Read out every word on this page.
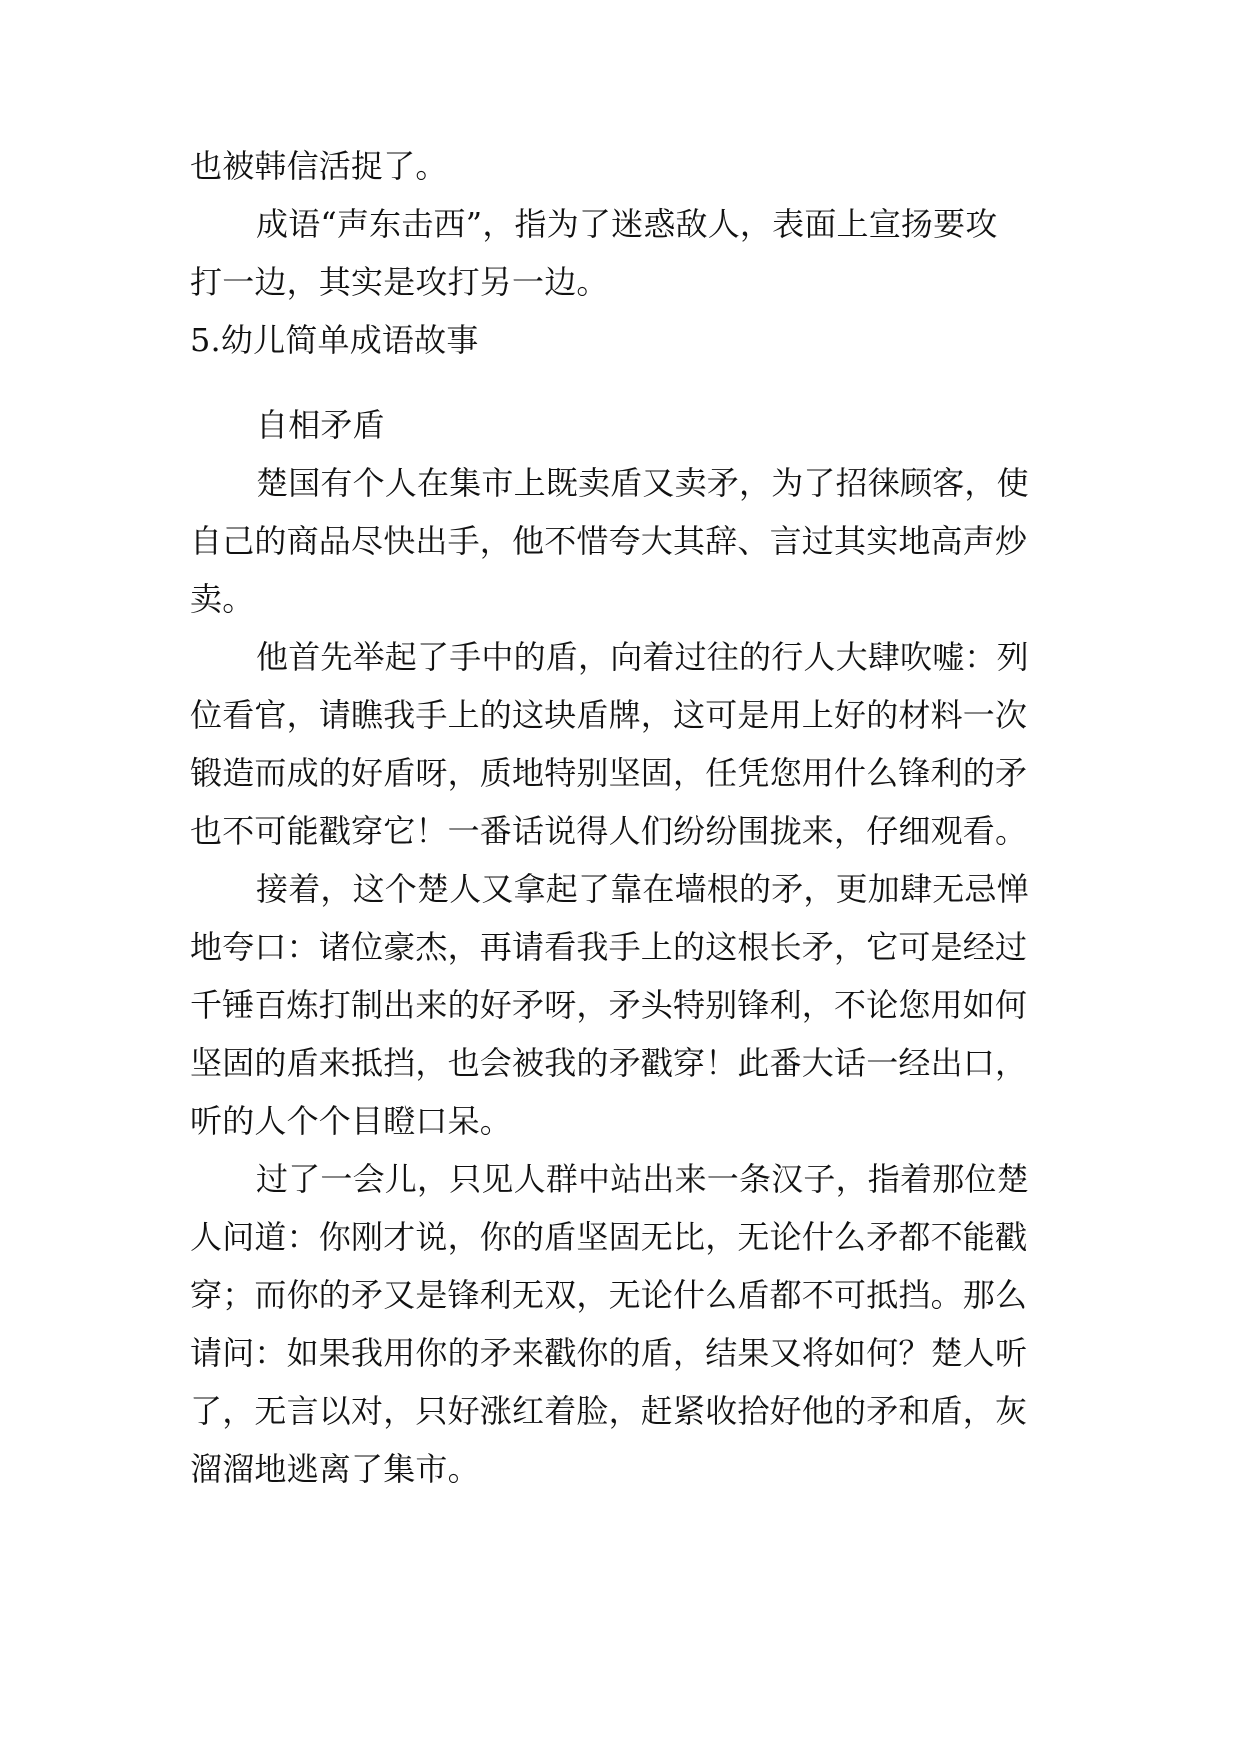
也被韩信活捉了。
成语“声东击西”，指为了迷惑敌人，表面上宣扬要攻
打一边，其实是攻打另一边。
5.幼儿简单成语故事
自相矛盾
楚国有个人在集市上既卖盾又卖矛，为了招徕顾客，使
自己的商品尽快出手，他不惜夸大其辞、言过其实地高声炒
卖。
他首先举起了手中的盾，向着过往的行人大肆吹嘘：列
位看官，请瞧我手上的这块盾牌，这可是用上好的材料一次
锻造而成的好盾呀，质地特别坚固，任凭您用什么锋利的矛
也不可能戳穿它！一番话说得人们纷纷围拢来，仔细观看。
接着，这个楚人又拿起了靠在墙根的矛，更加肆无忌惮
地夸口：诸位豪杰，再请看我手上的这根长矛，它可是经过
千锤百炼打制出来的好矛呀，矛头特别锋利，不论您用如何
坚固的盾来抵挡，也会被我的矛戳穿！此番大话一经出口，
听的人个个目瞪口呆。
过了一会儿，只见人群中站出来一条汉子，指着那位楚
人问道：你刚才说，你的盾坚固无比，无论什么矛都不能戳
穿；而你的矛又是锋利无双，无论什么盾都不可抵挡。那么
请问：如果我用你的矛来戳你的盾，结果又将如何？楚人听
了，无言以对，只好涨红着脸，赶紧收拾好他的矛和盾，灰
溜溜地逃离了集市。
